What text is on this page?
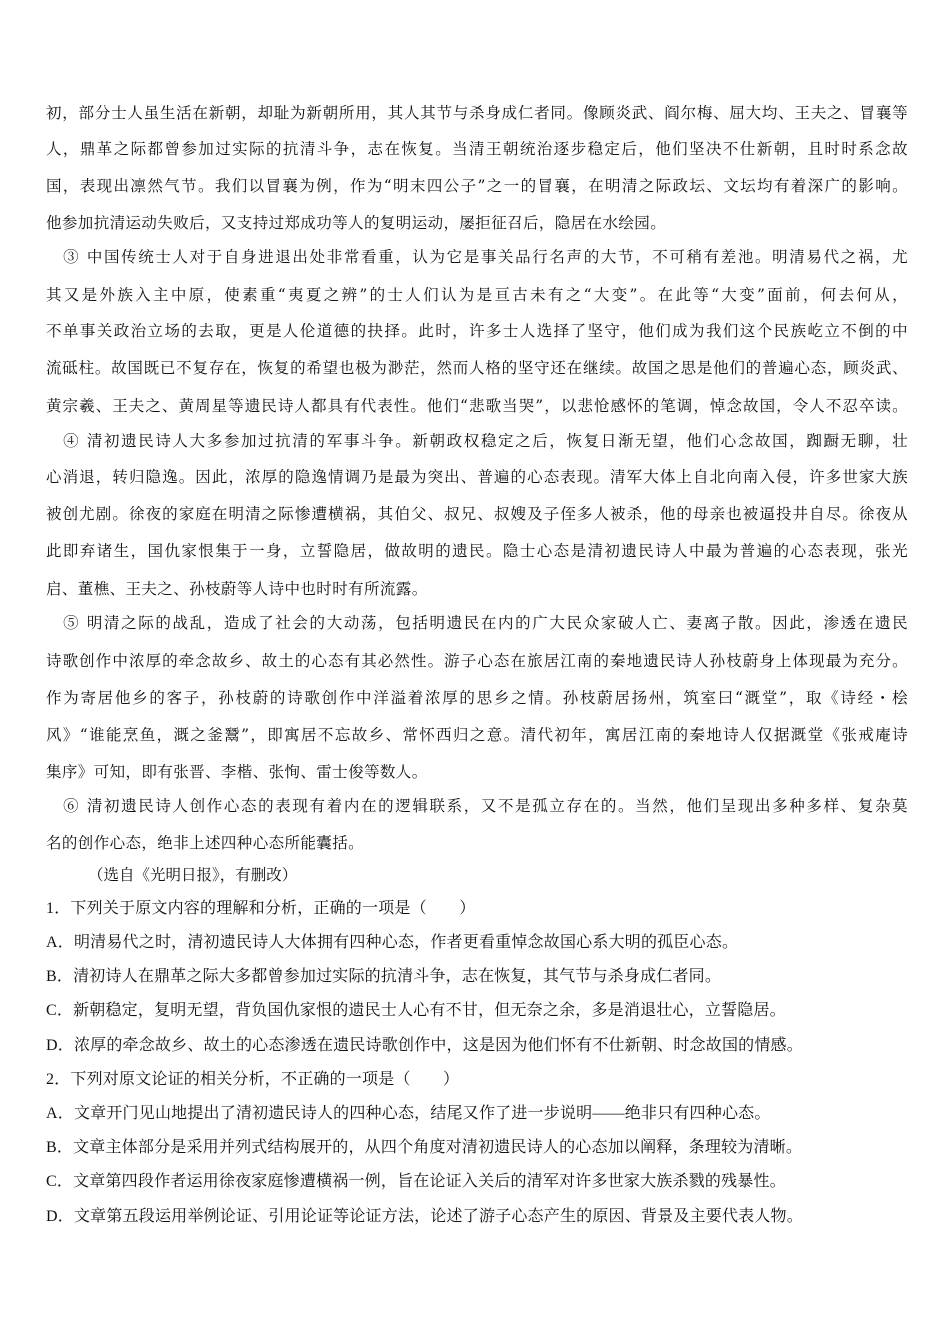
初，部分士人虽生活在新朝，却耻为新朝所用，其人其节与杀身成仁者同。像顾炎武、阎尔梅、屈大均、王夫之、冒襄等
人，鼎革之际都曾参加过实际的抗清斗争，志在恢复。当清王朝统治逐步稳定后，他们坚决不仕新朝，且时时系念故
国，表现出凛然气节。我们以冒襄为例，作为“明末四公子”之一的冒襄，在明清之际政坛、文坛均有着深广的影响。
他参加抗清运动失败后，又支持过郑成功等人的复明运动，屡拒征召后，隐居在水绘园。
　③ 中国传统士人对于自身进退出处非常看重，认为它是事关品行名声的大节，不可稍有差池。明清易代之祸，尤
其又是外族入主中原，使素重“夷夏之辨”的士人们认为是亘古未有之“大变”。在此等“大变”面前，何去何从，
不单事关政治立场的去取，更是人伦道德的抉择。此时，许多士人选择了坚守，他们成为我们这个民族屹立不倒的中
流砥柱。故国既已不复存在，恢复的希望也极为渺茫，然而人格的坚守还在继续。故国之思是他们的普遍心态，顾炎武、
黄宗羲、王夫之、黄周星等遗民诗人都具有代表性。他们“悲歌当哭”，以悲怆感怀的笔调，悼念故国，令人不忍卒读。
　④ 清初遗民诗人大多参加过抗清的军事斗争。新朝政权稳定之后，恢复日渐无望，他们心念故国，踟蹰无聊，壮
心消退，转归隐逸。因此，浓厚的隐逸情调乃是最为突出、普遍的心态表现。清军大体上自北向南入侵，许多世家大族
被创尤剧。徐夜的家庭在明清之际惨遭横祸，其伯父、叔兄、叔嫂及子侄多人被杀，他的母亲也被逼投井自尽。徐夜从
此即弃诸生，国仇家恨集于一身，立誓隐居，做故明的遗民。隐士心态是清初遗民诗人中最为普遍的心态表现，张光
启、董樵、王夫之、孙枝蔚等人诗中也时时有所流露。
　⑤ 明清之际的战乱，造成了社会的大动荡，包括明遗民在内的广大民众家破人亡、妻离子散。因此，渗透在遗民
诗歌创作中浓厚的牵念故乡、故土的心态有其必然性。游子心态在旅居江南的秦地遗民诗人孙枝蔚身上体现最为充分。
作为寄居他乡的客子，孙枝蔚的诗歌创作中洋溢着浓厚的思乡之情。孙枝蔚居扬州，筑室曰“溉堂”，取《诗经・桧
风》“谁能烹鱼，溉之釜鬵”，即寓居不忘故乡、常怀西归之意。清代初年，寓居江南的秦地诗人仅据溉堂《张戒庵诗
集序》可知，即有张晋、李楷、张恂、雷士俊等数人。
　⑥ 清初遗民诗人创作心态的表现有着内在的逻辑联系，又不是孤立存在的。当然，他们呈现出多种多样、复杂莫
名的创作心态，绝非上述四种心态所能囊括。
（选自《光明日报》，有删改）
1．下列关于原文内容的理解和分析，正确的一项是（　　）
A．明清易代之时，清初遗民诗人大体拥有四种心态，作者更看重悼念故国心系大明的孤臣心态。
B．清初诗人在鼎革之际大多都曾参加过实际的抗清斗争，志在恢复，其气节与杀身成仁者同。
C．新朝稳定，复明无望，背负国仇家恨的遗民士人心有不甘，但无奈之余，多是消退壮心，立誓隐居。
D．浓厚的牵念故乡、故土的心态渗透在遗民诗歌创作中，这是因为他们怀有不仕新朝、时念故国的情感。
2．下列对原文论证的相关分析，不正确的一项是（　　）
A．文章开门见山地提出了清初遗民诗人的四种心态，结尾又作了进一步说明——绝非只有四种心态。
B．文章主体部分是采用并列式结构展开的，从四个角度对清初遗民诗人的心态加以阐释，条理较为清晰。
C．文章第四段作者运用徐夜家庭惨遭横祸一例，旨在论证入关后的清军对许多世家大族杀戮的残暴性。
D．文章第五段运用举例论证、引用论证等论证方法，论述了游子心态产生的原因、背景及主要代表人物。
